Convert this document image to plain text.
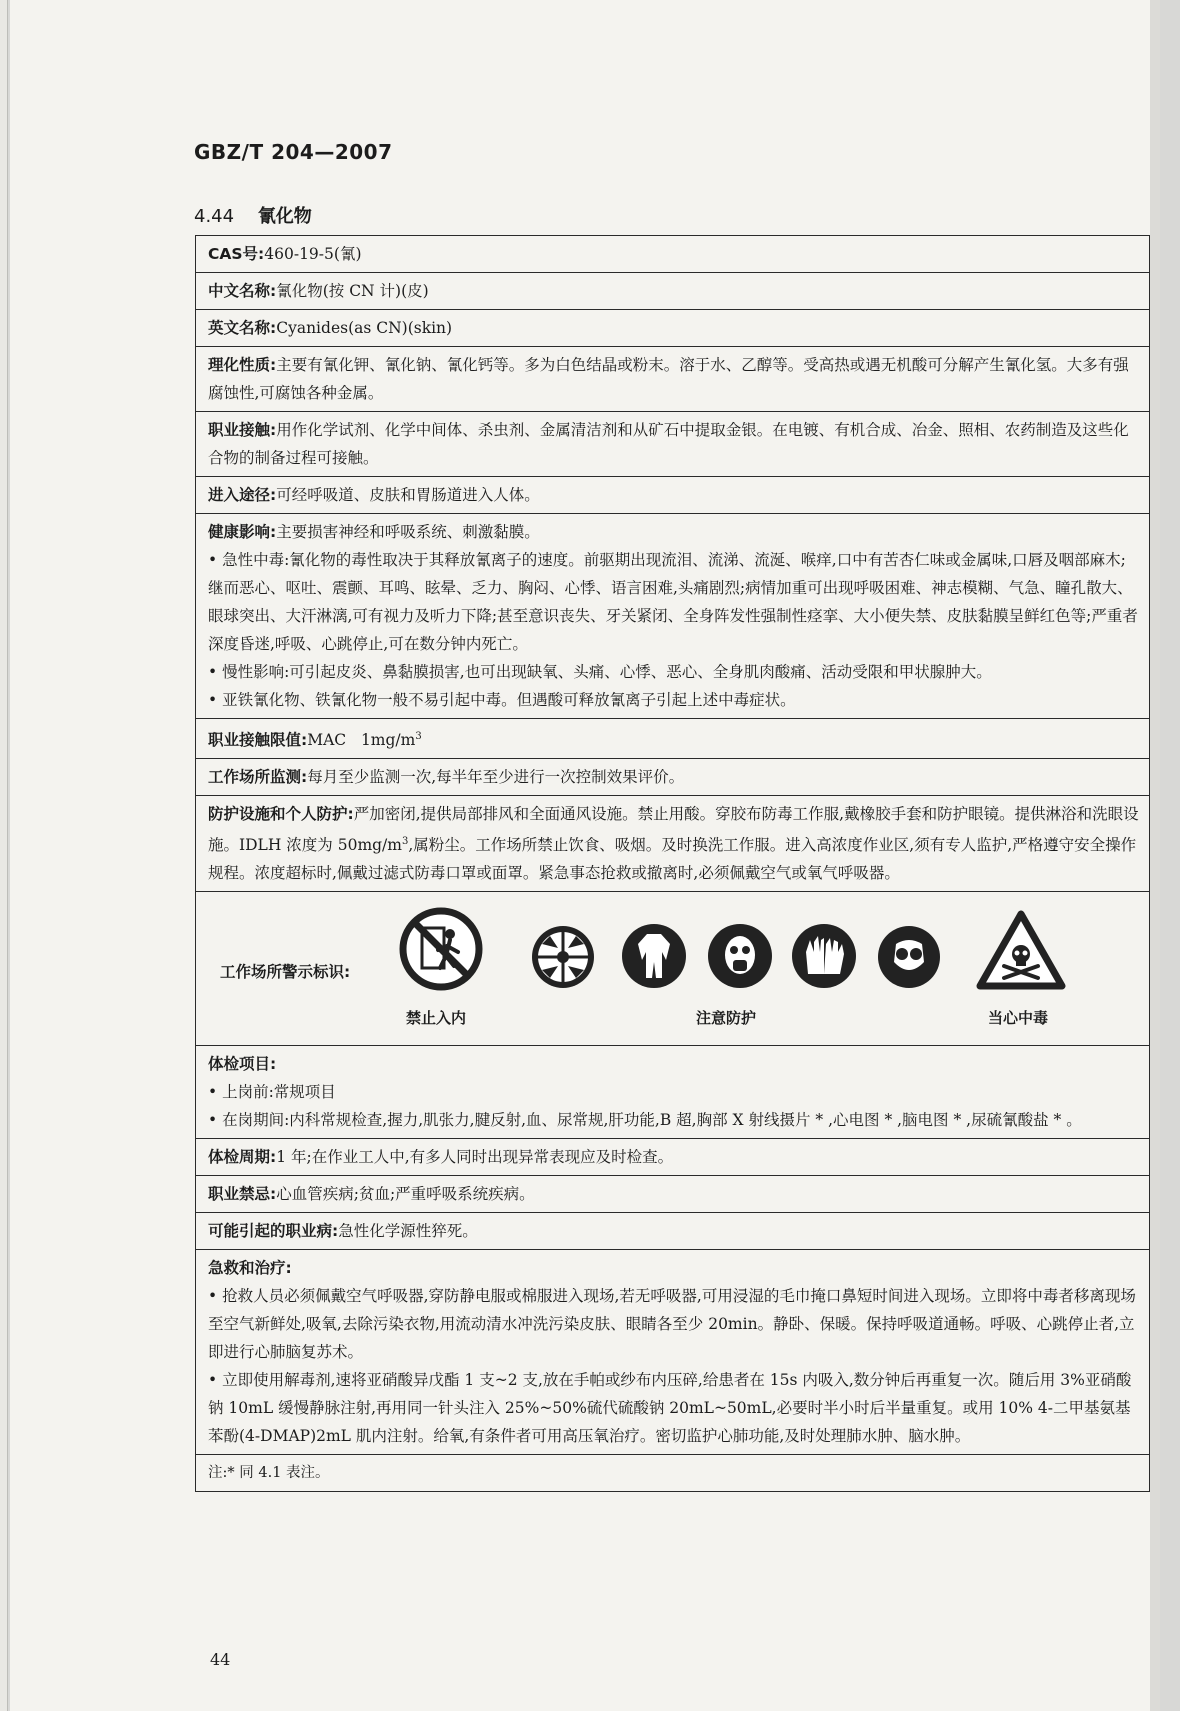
GBZ/T 204—2007
4.44 氰化物
CAS号:460-19-5(氰)
中文名称:氰化物(按 CN 计)(皮)
英文名称:Cyanides(as CN)(skin)
理化性质:主要有氰化钾、氰化钠、氰化钙等。多为白色结晶或粉末。溶于水、乙醇等。受高热或遇无机酸可分解产生氰化氢。大多有强腐蚀性,可腐蚀各种金属。
职业接触:用作化学试剂、化学中间体、杀虫剂、金属清洁剂和从矿石中提取金银。在电镀、有机合成、冶金、照相、农药制造及这些化合物的制备过程可接触。
进入途径:可经呼吸道、皮肤和胃肠道进入人体。

健康影响:主要损害神经和呼吸系统、刺激黏膜。
• 急性中毒:氰化物的毒性取决于其释放氰离子的速度。前驱期出现流泪、流涕、流涎、喉痒,口中有苦杏仁味或金属味,口唇及咽部麻木;继而恶心、呕吐、震颤、耳鸣、眩晕、乏力、胸闷、心悸、语言困难,头痛剧烈;病情加重可出现呼吸困难、神志模糊、气急、瞳孔散大、眼球突出、大汗淋漓,可有视力及听力下降;甚至意识丧失、牙关紧闭、全身阵发性强制性痉挛、大小便失禁、皮肤黏膜呈鲜红色等;严重者深度昏迷,呼吸、心跳停止,可在数分钟内死亡。
• 慢性影响:可引起皮炎、鼻黏膜损害,也可出现缺氧、头痛、心悸、恶心、全身肌肉酸痛、活动受限和甲状腺肿大。
• 亚铁氰化物、铁氰化物一般不易引起中毒。但遇酸可释放氰离子引起上述中毒症状。

职业接触限值:MAC $1mg/m^3$
工作场所监测:每月至少监测一次,每半年至少进行一次控制效果评价。
防护设施和个人防护:严加密闭,提供局部排风和全面通风设施。禁止用酸。穿胶布防毒工作服,戴橡胶手套和防护眼镜。提供淋浴和洗眼设施。IDLH 浓度为 $50mg/m^3$,属粉尘。工作场所禁止饮食、吸烟。及时换洗工作服。进入高浓度作业区,须有专人监护,严格遵守安全操作规程。浓度超标时,佩戴过滤式防毒口罩或面罩。紧急事态抢救或撤离时,必须佩戴空气或氧气呼吸器。

工作场所警示标识:
禁止入内	注意防护	当心中毒

体检项目:
• 上岗前:常规项目
• 在岗期间:内科常规检查,握力,肌张力,腱反射,血、尿常规,肝功能,B 超,胸部 X 射线摄片 * ,心电图 * ,脑电图 * ,尿硫氰酸盐 * 。

体检周期:1 年;在作业工人中,有多人同时出现异常表现应及时检查。
职业禁忌:心血管疾病;贫血;严重呼吸系统疾病。
可能引起的职业病:急性化学源性猝死。

急救和治疗:
• 抢救人员必须佩戴空气呼吸器,穿防静电服或棉服进入现场,若无呼吸器,可用浸湿的毛巾掩口鼻短时间进入现场。立即将中毒者移离现场至空气新鲜处,吸氧,去除污染衣物,用流动清水冲洗污染皮肤、眼睛各至少 20min。静卧、保暖。保持呼吸道通畅。呼吸、心跳停止者,立即进行心肺脑复苏术。
• 立即使用解毒剂,速将亚硝酸异戊酯 1 支~2 支,放在手帕或纱布内压碎,给患者在 15s 内吸入,数分钟后再重复一次。随后用 3%亚硝酸钠 10mL 缓慢静脉注射,再用同一针头注入 25%~50%硫代硫酸钠 20mL~50mL,必要时半小时后半量重复。或用 10% 4-二甲基氨基苯酚(4-DMAP)2mL 肌内注射。给氧,有条件者可用高压氧治疗。密切监护心肺功能,及时处理肺水肿、脑水肿。

注:* 同 4.1 表注。
44
